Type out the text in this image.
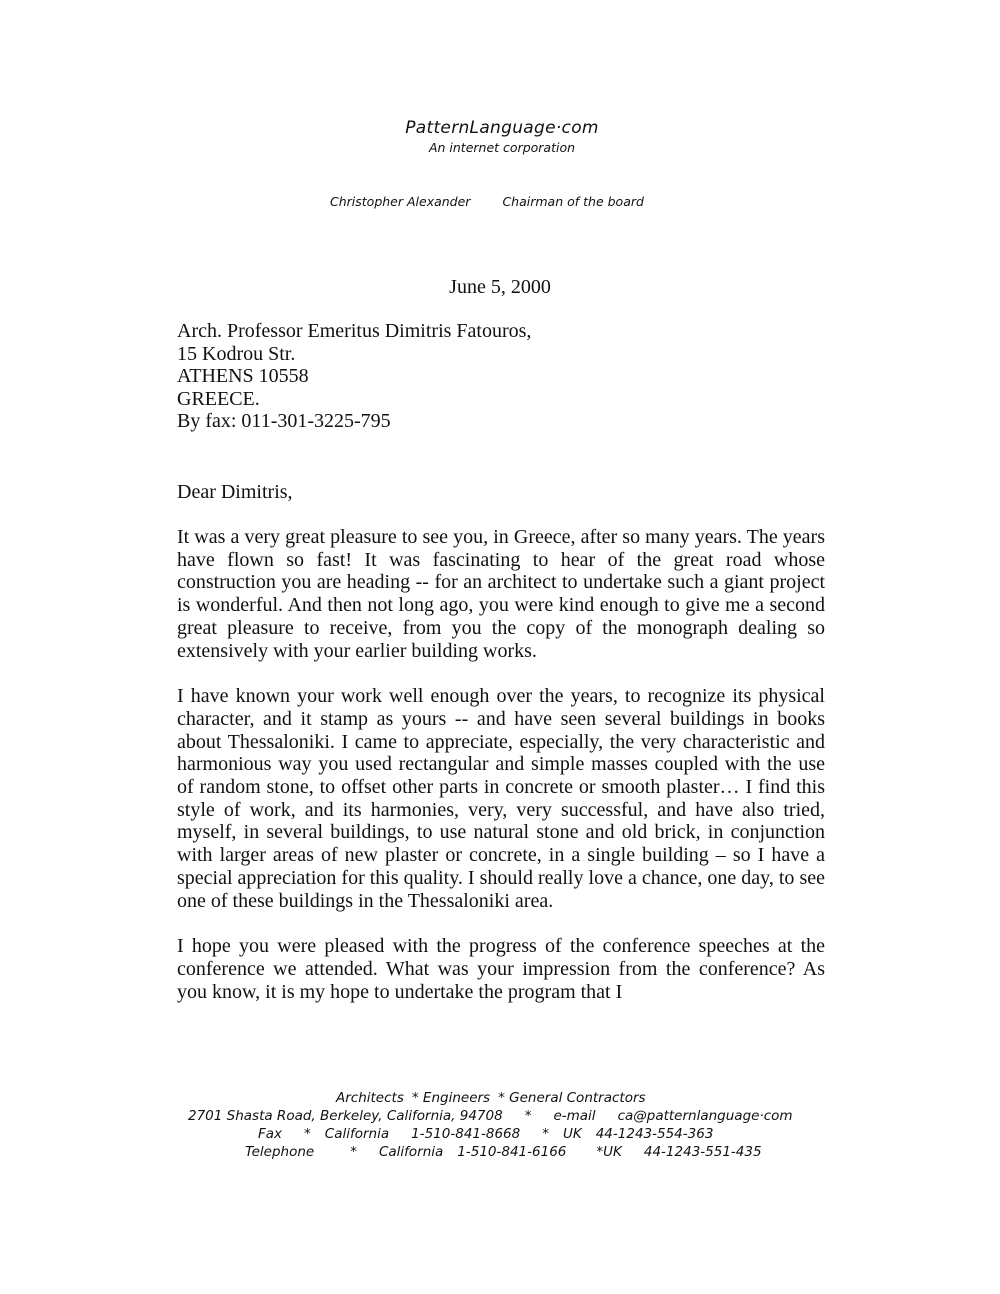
PatternLanguage·com
An internet corporation
Christopher Alexander	Chairman of the board
June 5, 2000
Arch. Professor Emeritus Dimitris Fatouros,
15 Kodrou Str.
ATHENS 10558
GREECE.
By fax: 011-301-3225-795
Dear Dimitris,

It was a very great pleasure to see you, in Greece, after so many years. The years have flown so fast! It was fascinating to hear of the great road whose construction you are heading -- for an architect to undertake such a giant project is wonderful. And then not long ago, you were kind enough to give me a second great pleasure to receive, from you the copy of the monograph dealing so extensively with your earlier building works.

I have known your work well enough over the years, to recognize its physical character, and it stamp as yours -- and have seen several buildings in books about Thessaloniki. I came to appreciate, especially, the very characteristic and harmonious way you used rectangular and simple masses coupled with the use of random stone, to offset other parts in concrete or smooth plaster… I find this style of work, and its harmonies, very, very successful, and have also tried, myself, in several buildings, to use natural stone and old brick, in conjunction with larger areas of new plaster or concrete, in a single building – so I have a special appreciation for this quality. I should really love a chance, one day, to see one of these buildings in the Thessaloniki area.

I hope you were pleased with the progress of the conference speeches at the conference we attended. What was your impression from the conference? As you know, it is my hope to undertake the program that I

Architects * Engineers * General Contractors
2701 Shasta Road, Berkeley, California, 94708 * e-mail ca@patternlanguage·com
Fax * California 1-510-841-8668 * UK 44-1243-554-363
Telephone	* California 1-510-841-6166 *UK 44-1243-551-435
